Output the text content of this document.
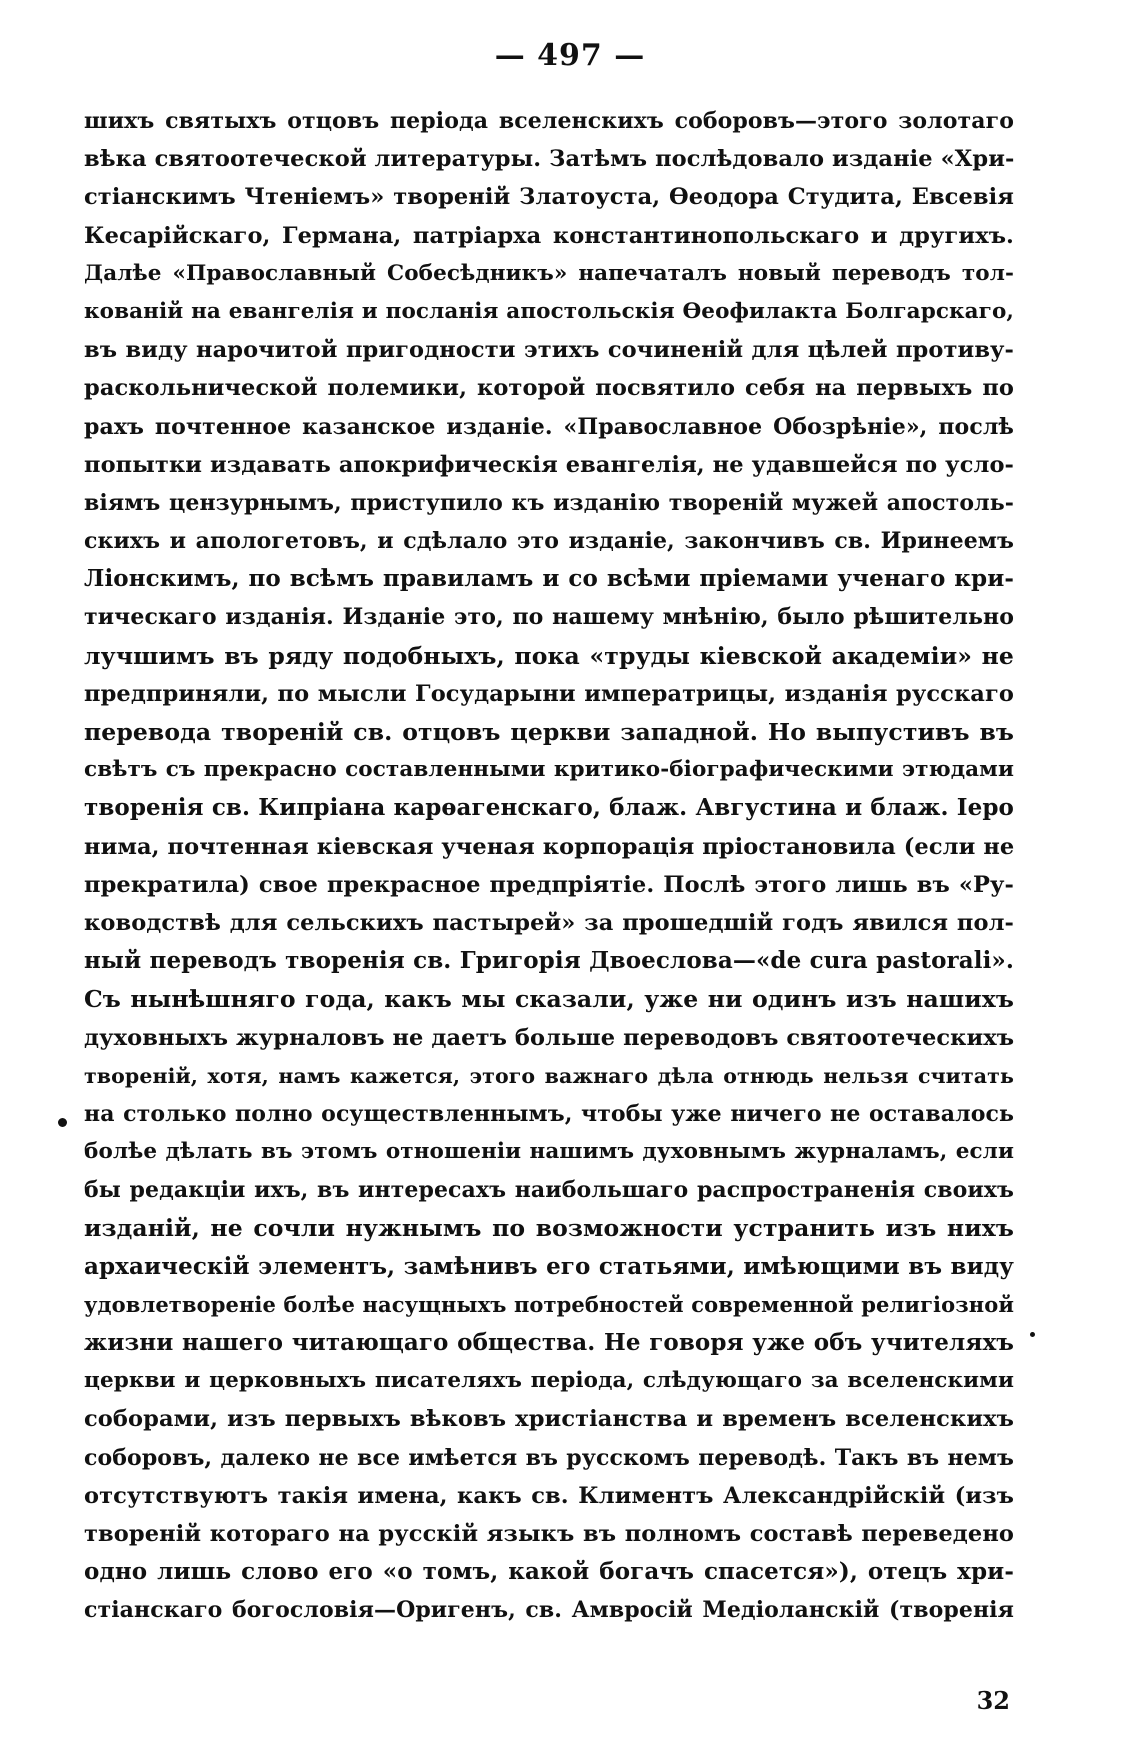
— 497 —
шихъ святыхъ отцовъ періода вселенскихъ соборовъ—этого золотаго
вѣка святоотеческой литературы. Затѣмъ послѣдовало изданіе «Хри-
стіанскимъ Чтеніемъ» твореній Златоуста, Ѳеодора Студита, Евсевія
Кесарійскаго, Германа, патріарха константинопольскаго и другихъ.
Далѣе «Православный Собесѣдникъ» напечаталъ новый переводъ тол-
кованій на евангелія и посланія апостольскія Ѳеофилакта Болгарскаго,
въ виду нарочитой пригодности этихъ сочиненій для цѣлей противу-
раскольнической полемики, которой посвятило себя на первыхъ по
рахъ почтенное казанское изданіе. «Православное Обозрѣніе», послѣ
попытки издавать апокрифическія евангелія, не удавшейся по усло-
віямъ цензурнымъ, приступило къ изданію твореній мужей апостоль-
скихъ и апологетовъ, и сдѣлало это изданіе, закончивъ св. Иринеемъ
Ліонскимъ, по всѣмъ правиламъ и со всѣми пріемами ученаго кри-
тическаго изданія. Изданіе это, по нашему мнѣнію, было рѣшительно
лучшимъ въ ряду подобныхъ, пока «труды кіевской академіи» не
предприняли, по мысли Государыни императрицы, изданія русскаго
перевода твореній св. отцовъ церкви западной. Но выпустивъ въ
свѣтъ съ прекрасно составленными критико-біографическими этюдами
творенія св. Кипріана карѳагенскаго, блаж. Августина и блаж. Іеро
нима, почтенная кіевская ученая корпорація пріостановила (если не
прекратила) свое прекрасное предпріятіе. Послѣ этого лишь въ «Ру-
ководствѣ для сельскихъ пастырей» за прошедшій годъ явился пол-
ный переводъ творенія св. Григорія Двоеслова—«de cura pastorali».
Съ нынѣшняго года, какъ мы сказали, уже ни одинъ изъ нашихъ
духовныхъ журналовъ не даетъ больше переводовъ святоотеческихъ
твореній, хотя, намъ кажется, этого важнаго дѣла отнюдь нельзя считать
на столько полно осуществленнымъ, чтобы уже ничего не оставалось
болѣе дѣлать въ этомъ отношеніи нашимъ духовнымъ журналамъ, если
бы редакціи ихъ, въ интересахъ наибольшаго распространенія своихъ
изданій, не сочли нужнымъ по возможности устранить изъ нихъ
архаическій элементъ, замѣнивъ его статьями, имѣющими въ виду
удовлетвореніе болѣе насущныхъ потребностей современной религіозной
жизни нашего читающаго общества. Не говоря уже объ учителяхъ
церкви и церковныхъ писателяхъ періода, слѣдующаго за вселенскими
соборами, изъ первыхъ вѣковъ христіанства и временъ вселенскихъ
соборовъ, далеко не все имѣется въ русскомъ переводѣ. Такъ въ немъ
отсутствуютъ такія имена, какъ св. Климентъ Александрійскій (изъ
твореній котораго на русскій языкъ въ полномъ составѣ переведено
одно лишь слово его «о томъ, какой богачъ спасется»), отецъ хри-
стіанскаго богословія—Оригенъ, св. Амвросій Медіоланскій (творенія
32
